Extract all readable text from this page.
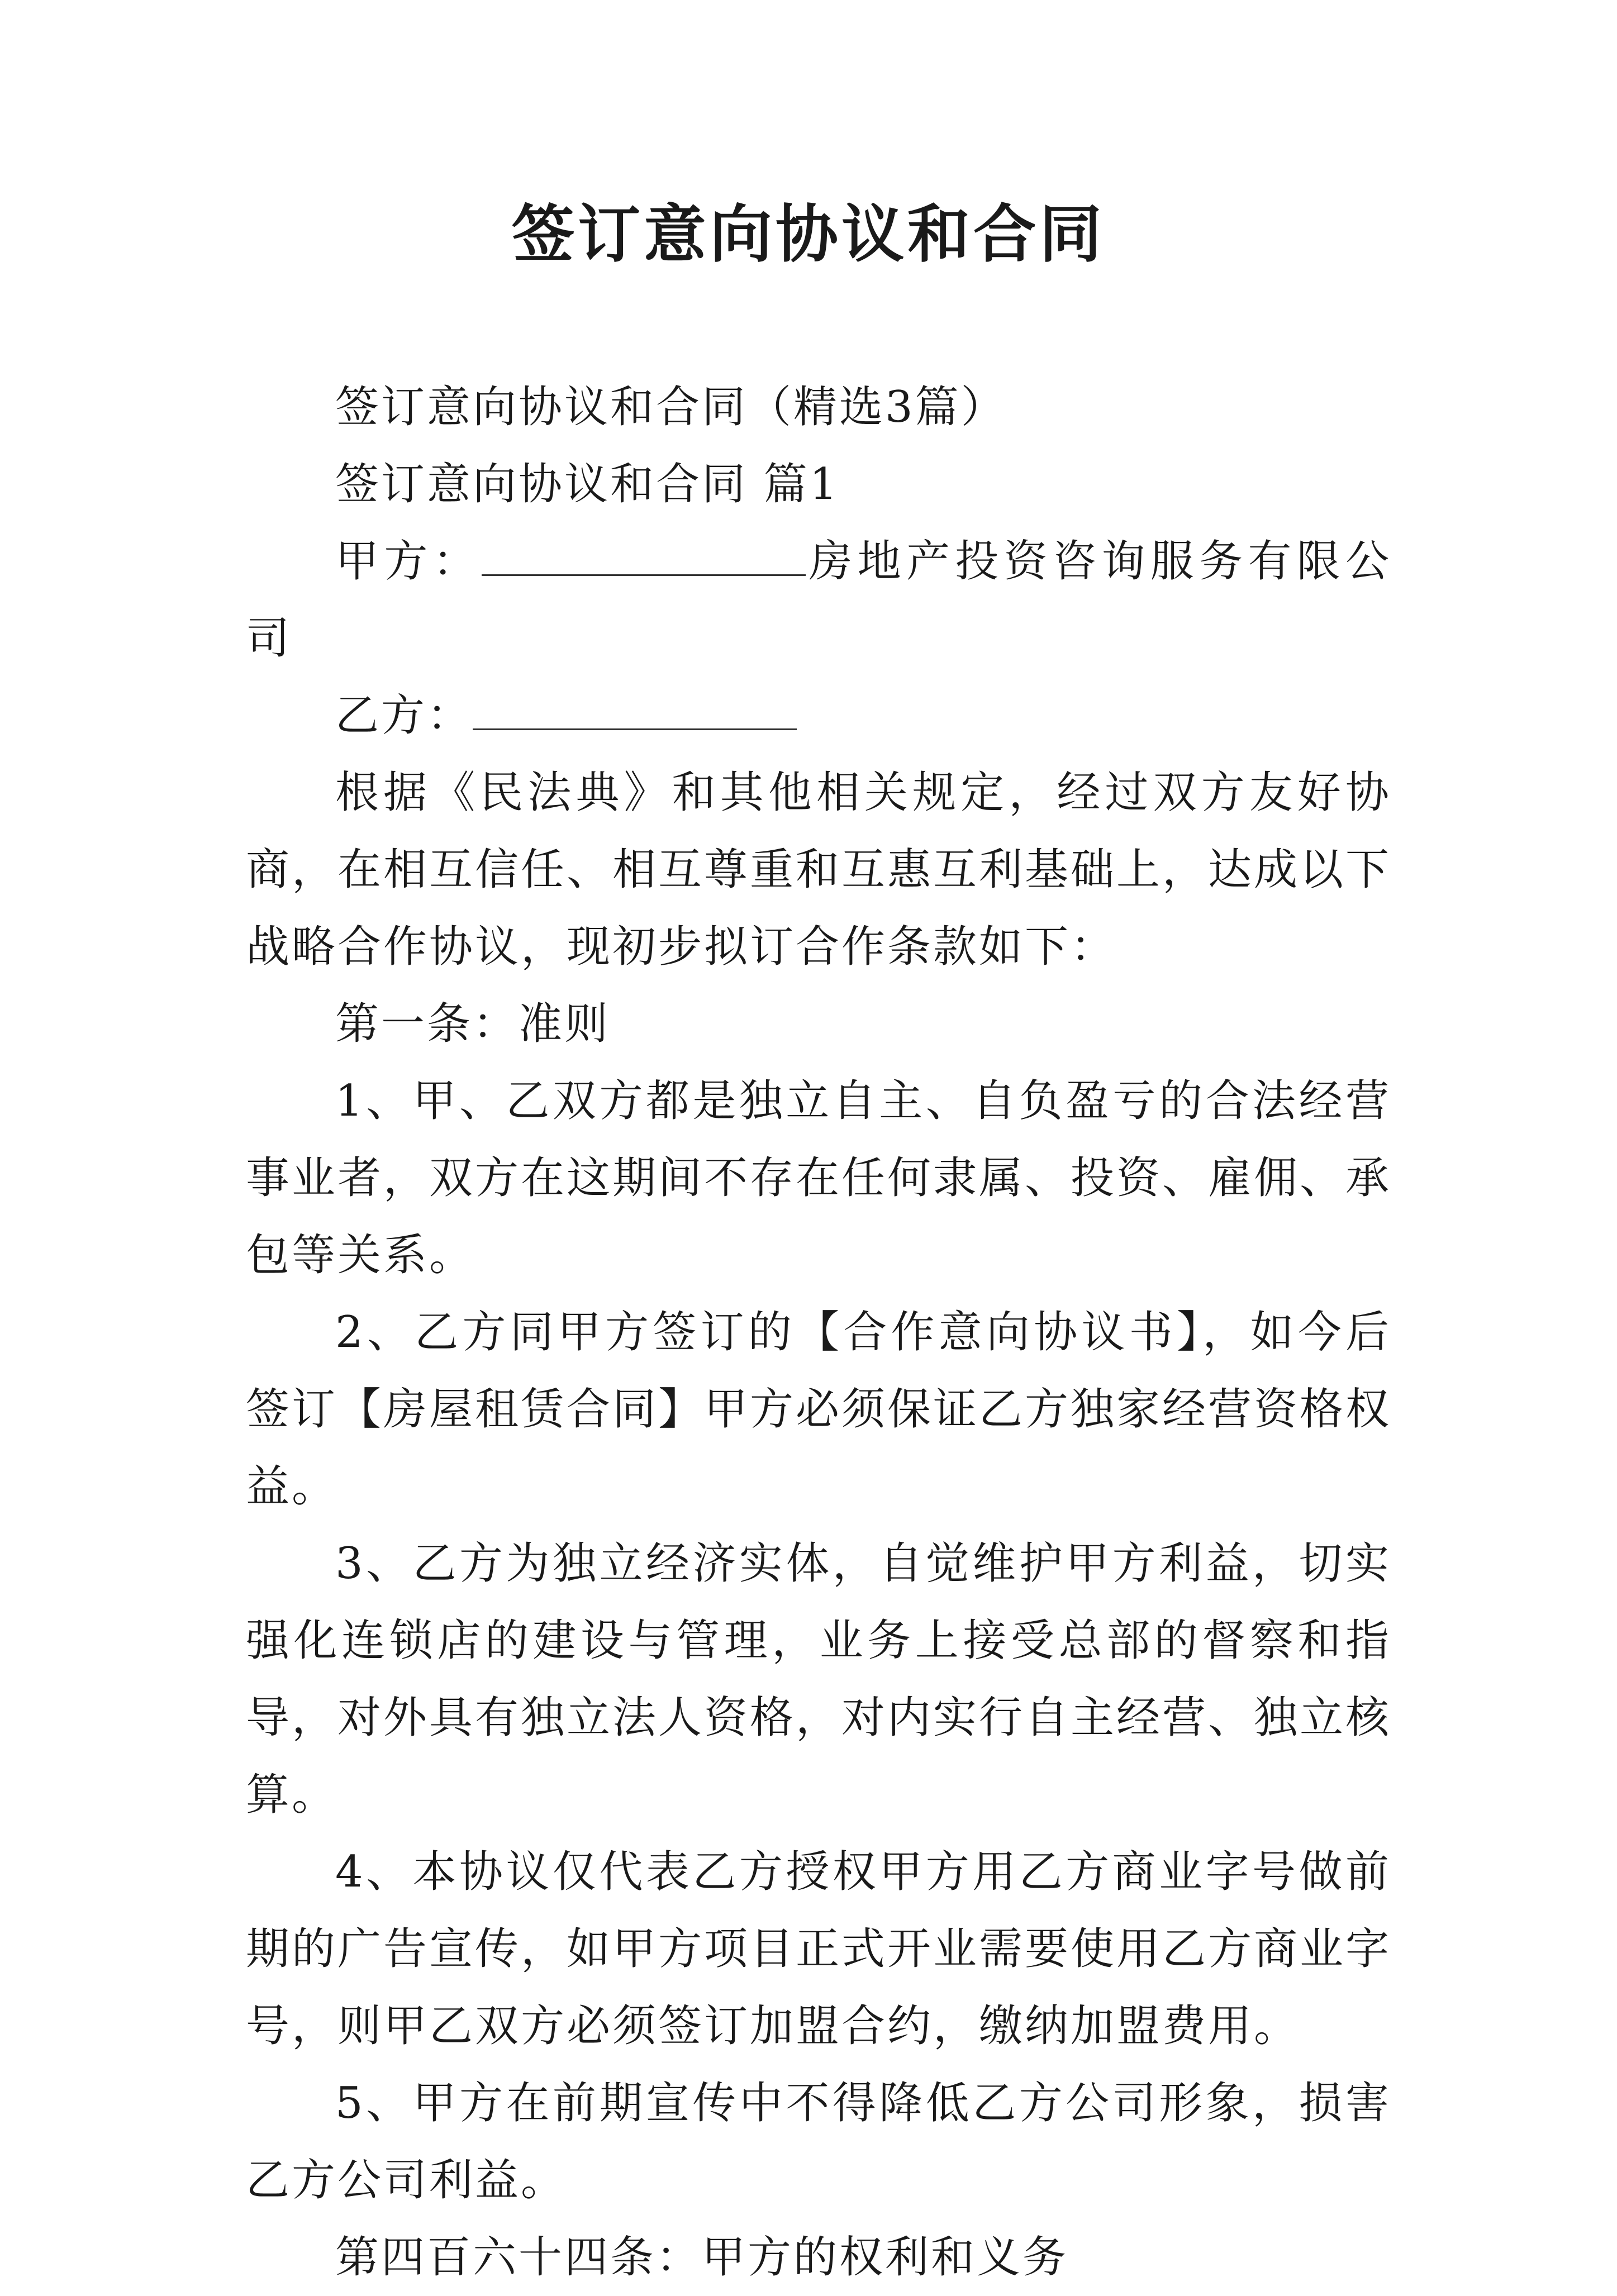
签订意向协议和合同

签订意向协议和合同（精选3篇）

签订意向协议和合同 篇1

甲方：	房地产投资咨询服务有限公司

乙方：

根据《民法典》和其他相关规定，经过双方友好协商，在相互信任、相互尊重和互惠互利基础上，达成以下战略合作协议，现初步拟订合作条款如下：

第一条：准则

1、甲、乙双方都是独立自主、自负盈亏的合法经营事业者，双方在这期间不存在任何隶属、投资、雇佣、承包等关系。

2、乙方同甲方签订的【合作意向协议书】，如今后签订【房屋租赁合同】甲方必须保证乙方独家经营资格权益。

3、乙方为独立经济实体，自觉维护甲方利益，切实强化连锁店的建设与管理，业务上接受总部的督察和指导，对外具有独立法人资格，对内实行自主经营、独立核算。

4、本协议仅代表乙方授权甲方用乙方商业字号做前期的广告宣传，如甲方项目正式开业需要使用乙方商业字号，则甲乙双方必须签订加盟合约，缴纳加盟费用。

5、甲方在前期宣传中不得降低乙方公司形象，损害乙方公司利益。

第四百六十四条：甲方的权利和义务
